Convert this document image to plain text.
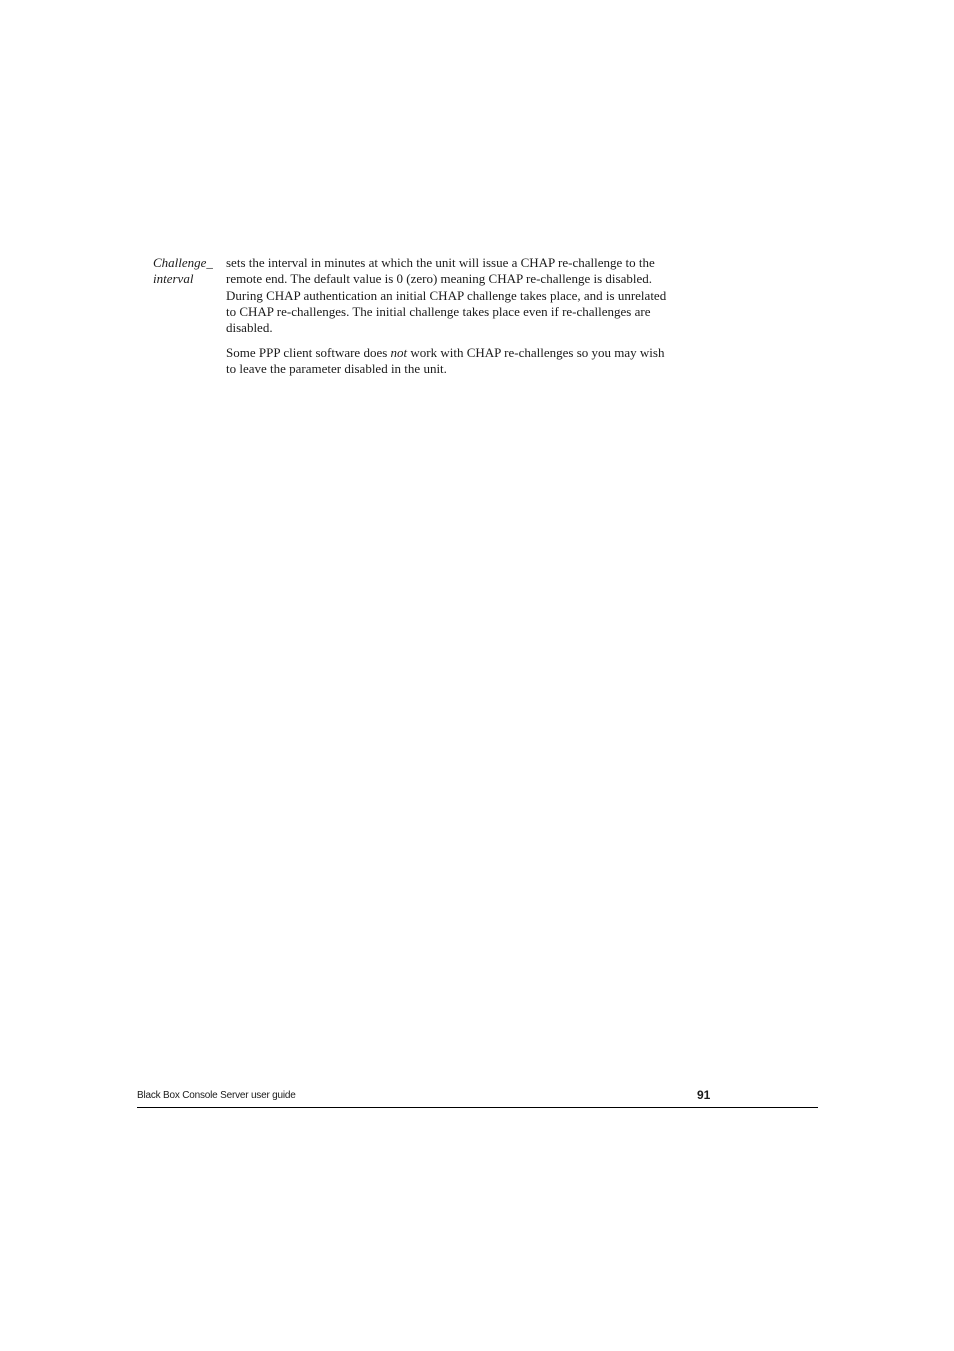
Challenge_
interval
sets the interval in minutes at which the unit will issue a CHAP re-challenge to the
remote end. The default value is 0 (zero) meaning CHAP re-challenge is disabled.
During CHAP authentication an initial CHAP challenge takes place, and is unrelated
to CHAP re-challenges. The initial challenge takes place even if re-challenges are
disabled.
Some PPP client software does not work with CHAP re-challenges so you may wish
to leave the parameter disabled in the unit.
Black Box Console Server user guide	91
